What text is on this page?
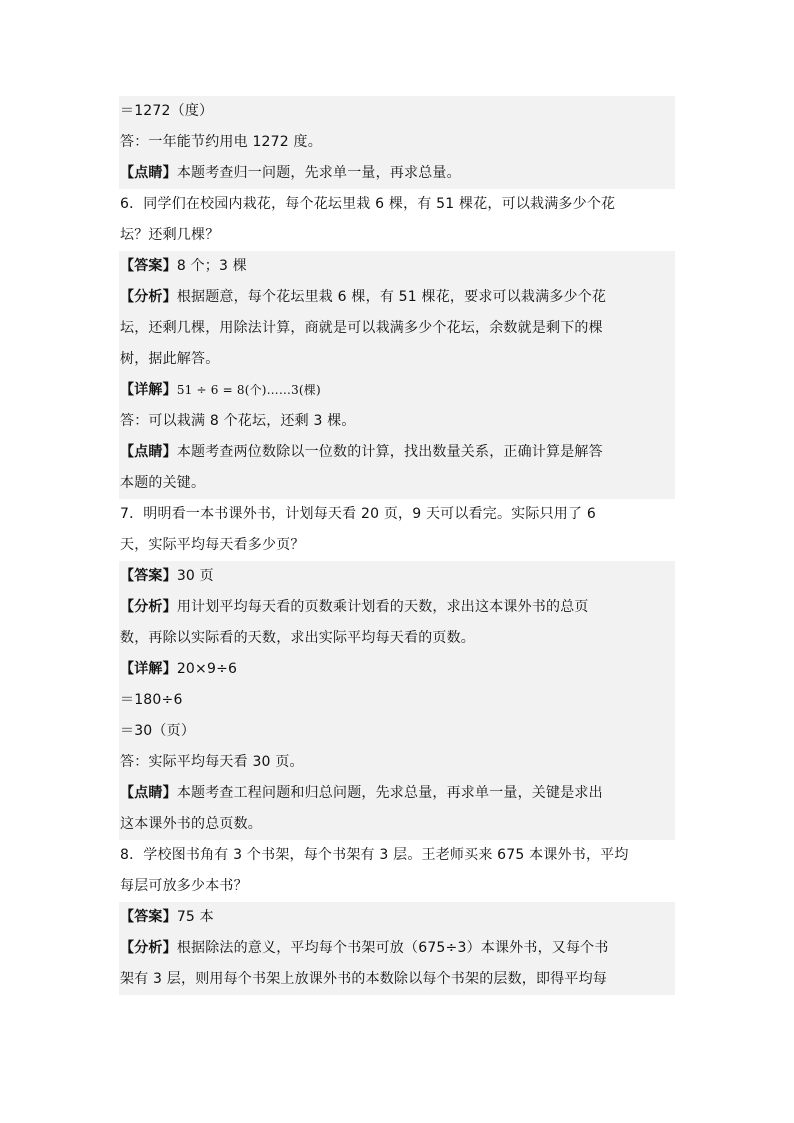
＝1272（度）
答：一年能节约用电 1272 度。
【点睛】本题考查归一问题，先求单一量，再求总量。
6．同学们在校园内栽花，每个花坛里栽 6 棵，有 51 棵花，可以栽满多少个花
坛？还剩几棵？
【答案】8 个；3 棵
【分析】根据题意，每个花坛里栽 6 棵，有 51 棵花，要求可以栽满多少个花
坛，还剩几棵，用除法计算，商就是可以栽满多少个花坛，余数就是剩下的棵
树，据此解答。
【详解】51 ÷ 6 = 8(个)……3(棵)
答：可以栽满 8 个花坛，还剩 3 棵。
【点睛】本题考查两位数除以一位数的计算，找出数量关系，正确计算是解答
本题的关键。
7．明明看一本书课外书，计划每天看 20 页，9 天可以看完。实际只用了 6
天，实际平均每天看多少页？
【答案】30 页
【分析】用计划平均每天看的页数乘计划看的天数，求出这本课外书的总页
数，再除以实际看的天数，求出实际平均每天看的页数。
【详解】20×9÷6
＝180÷6
＝30（页）
答：实际平均每天看 30 页。
【点睛】本题考查工程问题和归总问题，先求总量，再求单一量，关键是求出
这本课外书的总页数。
8．学校图书角有 3 个书架，每个书架有 3 层。王老师买来 675 本课外书，平均
每层可放多少本书？
【答案】75 本
【分析】根据除法的意义，平均每个书架可放（675÷3）本课外书，又每个书
架有 3 层，则用每个书架上放课外书的本数除以每个书架的层数，即得平均每
